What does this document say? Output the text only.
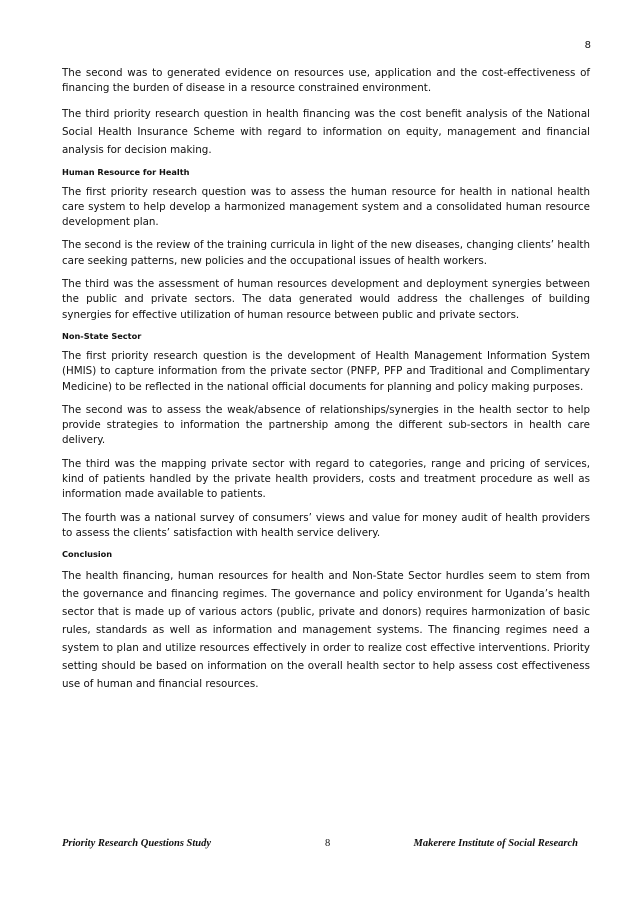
8

The second was to generated evidence on resources use, application and the cost-effectiveness of financing the burden of disease in a resource constrained environment.

The third priority research question in health financing was the cost benefit analysis of the National Social Health Insurance Scheme with regard to information on equity, management and financial analysis for decision making.

Human Resource for Health

The first priority research question was to assess the human resource for health in national health care system to help develop a harmonized management system and a consolidated human resource development plan.

The second is the review of the training curricula in light of the new diseases, changing clients’ health care seeking patterns, new policies and the occupational issues of health workers.

The third was the assessment of human resources development and deployment synergies between the public and private sectors. The data generated would address the challenges of building synergies for effective utilization of human resource between public and private sectors.

Non-State Sector

The first priority research question is the development of Health Management Information System (HMIS) to capture information from the private sector (PNFP, PFP and Traditional and Complimentary Medicine) to be reflected in the national official documents for planning and policy making purposes.

The second was to assess the weak/absence of relationships/synergies in the health sector to help provide strategies to information the partnership among the different sub-sectors in health care delivery.

The third was the mapping private sector with regard to categories, range and pricing of services, kind of patients handled by the private health providers, costs and treatment procedure as well as information made available to patients.

The fourth was a national survey of consumers’ views and value for money audit of health providers to assess the clients’ satisfaction with health service delivery.

Conclusion

The health financing, human resources for health and Non-State Sector hurdles seem to stem from the governance and financing regimes. The governance and policy environment for Uganda’s health sector that is made up of various actors (public, private and donors) requires harmonization of basic rules, standards as well as information and management systems. The financing regimes need a system to plan and utilize resources effectively in order to realize cost effective interventions. Priority setting should be based on information on the overall health sector to help assess cost effectiveness use of human and financial resources.

Priority Research Questions Study	8	Makerere Institute of Social Research
